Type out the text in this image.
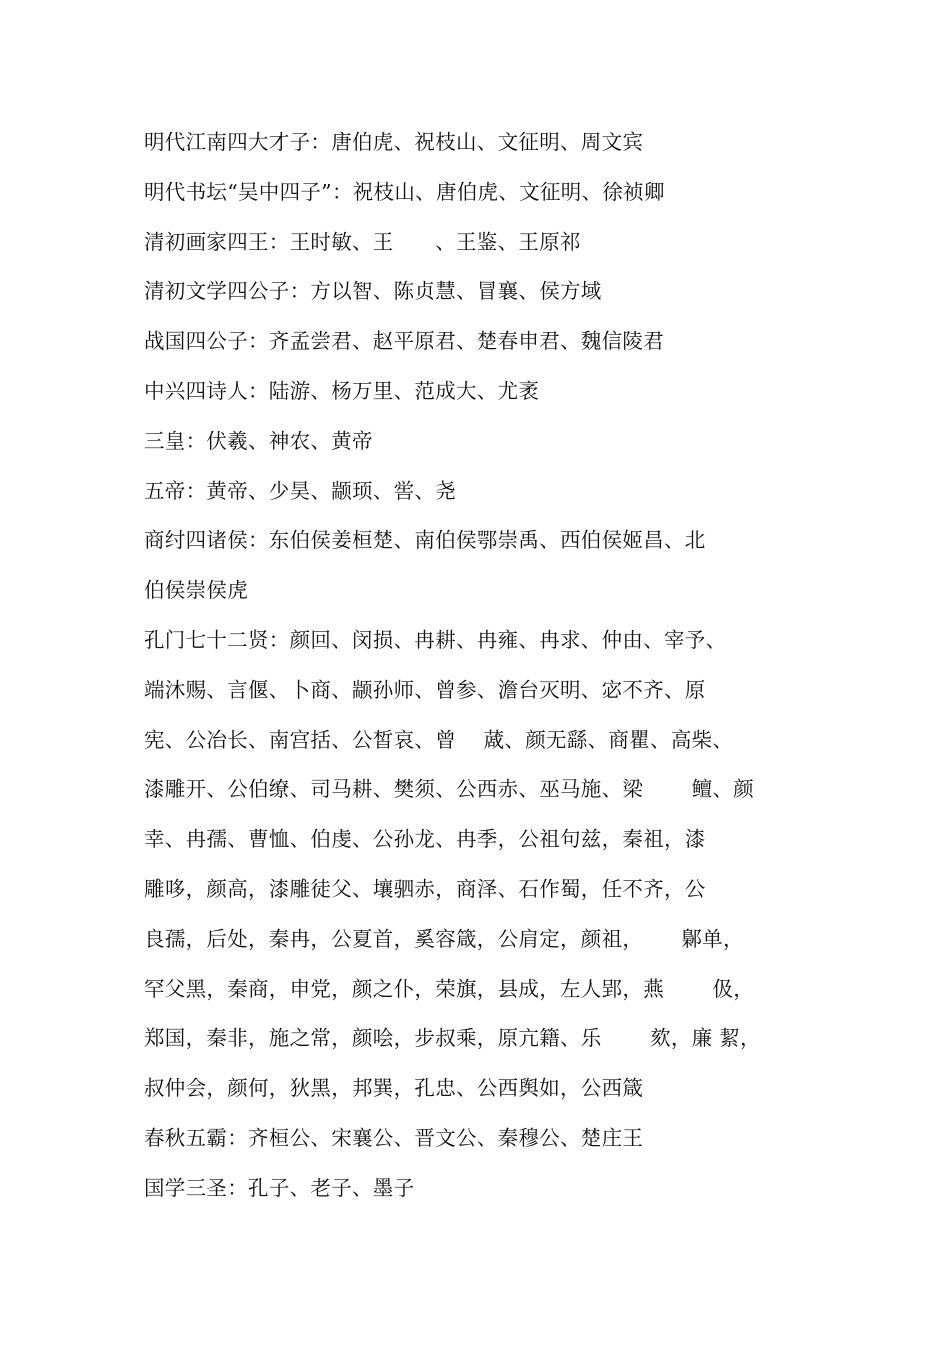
明代江南四大才子：唐伯虎、祝枝山、文征明、周文宾
明代书坛“吴中四子”：祝枝山、唐伯虎、文征明、徐祯卿
清初画家四王：王时敏、王　　、王鉴、王原祁
清初文学四公子：方以智、陈贞慧、冒襄、侯方域
战国四公子：齐孟尝君、赵平原君、楚春申君、魏信陵君
中兴四诗人：陆游、杨万里、范成大、尤袤
三皇：伏羲、神农、黄帝
五帝：黄帝、少昊、颛顼、喾、尧
商纣四诸侯：东伯侯姜桓楚、南伯侯鄂崇禹、西伯侯姬昌、北
伯侯崇侯虎
孔门七十二贤：颜回、闵损、冉耕、冉雍、冉求、仲由、宰予、
端沐赐、言偃、卜商、颛孙师、曾参、澹台灭明、宓不齐、原
宪、公冶长、南宫括、公皙哀、曾　 蒧、颜无繇、商瞿、高柴、
漆雕开、公伯缭、司马耕、樊须、公西赤、巫马施、梁　　 鳣、颜
幸、冉孺、曹恤、伯虔、公孙龙、冉季，公祖句兹，秦祖，漆
雕哆，颜高，漆雕徒父、壤驷赤，商泽、石作蜀，任不齐，公
良孺，后处，秦冉，公夏首，奚容箴，公肩定，颜祖，　　 鄡单，
罕父黑，秦商，申党，颜之仆，荣旗，县成，左人郢，燕　　 伋，
郑国，秦非，施之常，颜哙，步叔乘，原亢籍、乐　　 欬，廉 絜，
叔仲会，颜何，狄黑，邦巽，孔忠、公西舆如，公西箴
春秋五霸：齐桓公、宋襄公、晋文公、秦穆公、楚庄王
国学三圣：孔子、老子、墨子
